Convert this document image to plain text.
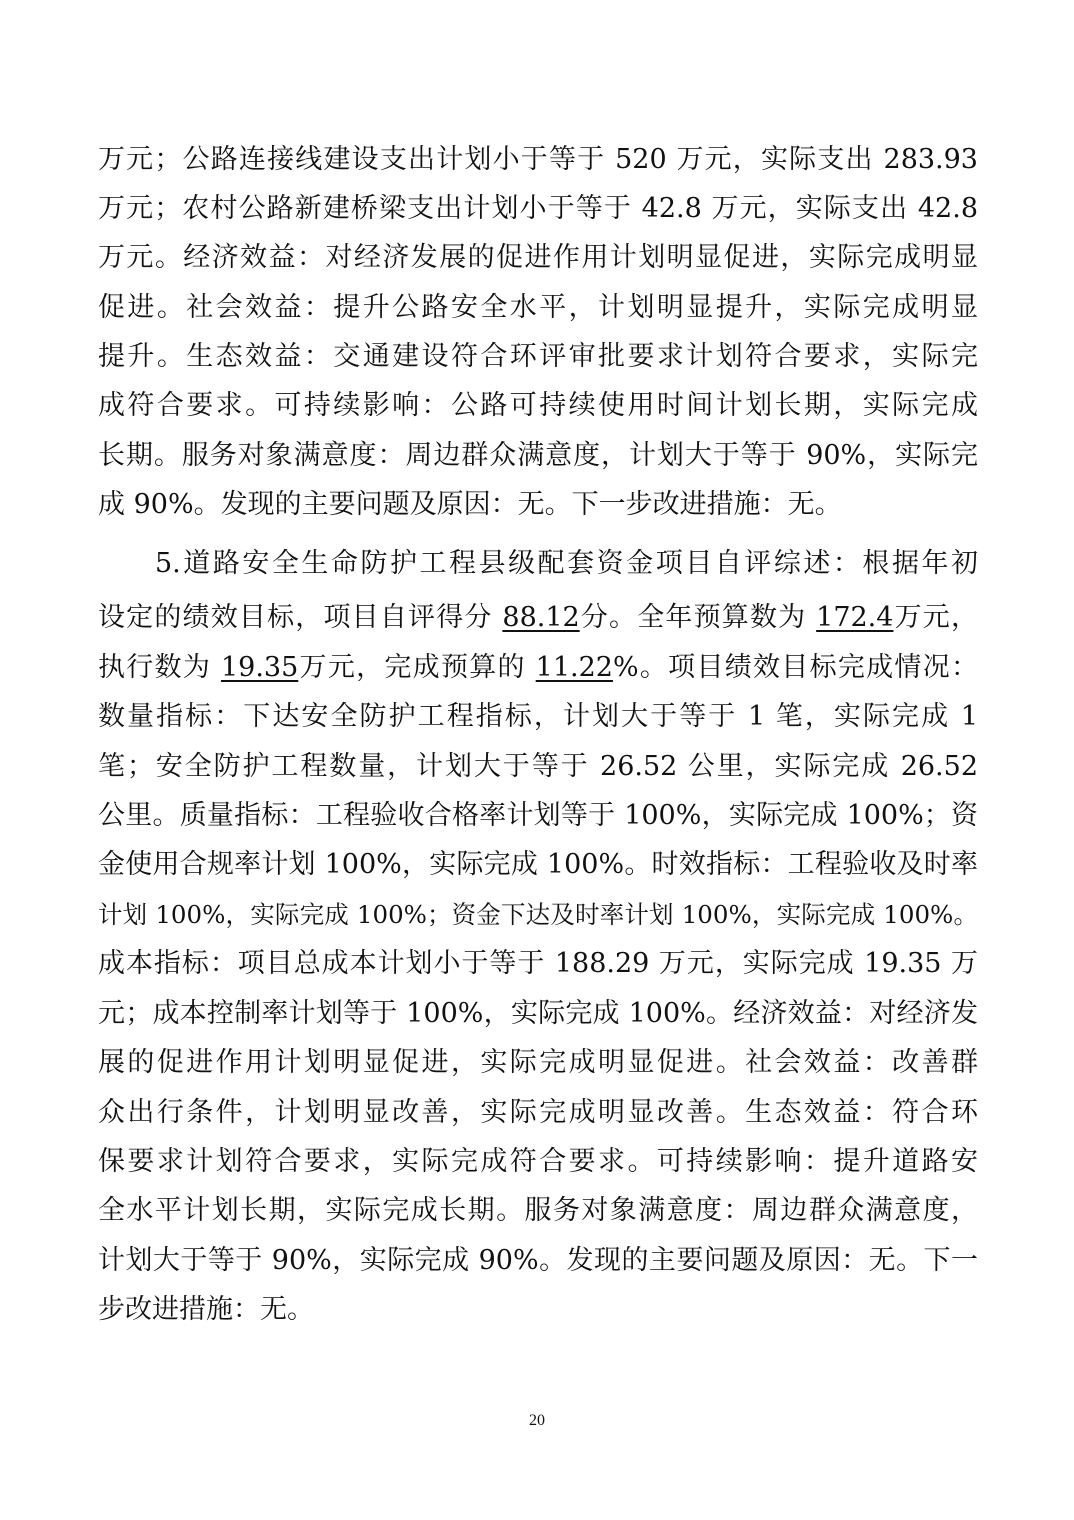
万元；公路连接线建设支出计划小于等于 520 万元，实际支出 283.93
万元；农村公路新建桥梁支出计划小于等于 42.8 万元，实际支出 42.8
万元。经济效益：对经济发展的促进作用计划明显促进，实际完成明显
促进。社会效益：提升公路安全水平，计划明显提升，实际完成明显
提升。生态效益：交通建设符合环评审批要求计划符合要求，实际完
成符合要求。可持续影响：公路可持续使用时间计划长期，实际完成
长期。服务对象满意度：周边群众满意度，计划大于等于 90%，实际完
成 90%。发现的主要问题及原因：无。下一步改进措施：无。
5.道路安全生命防护工程县级配套资金项目自评综述：根据年初
设定的绩效目标，项目自评得分 88.12分。全年预算数为 172.4万元，
执行数为 19.35万元，完成预算的 11.22%。项目绩效目标完成情况：
数量指标：下达安全防护工程指标，计划大于等于 1 笔，实际完成 1
笔；安全防护工程数量，计划大于等于 26.52 公里，实际完成 26.52
公里。质量指标：工程验收合格率计划等于 100%，实际完成 100%；资
金使用合规率计划 100%，实际完成 100%。时效指标：工程验收及时率
计划 100%，实际完成 100%；资金下达及时率计划 100%，实际完成 100%。
成本指标：项目总成本计划小于等于 188.29 万元，实际完成 19.35 万
元；成本控制率计划等于 100%，实际完成 100%。经济效益：对经济发
展的促进作用计划明显促进，实际完成明显促进。社会效益：改善群
众出行条件，计划明显改善，实际完成明显改善。生态效益：符合环
保要求计划符合要求，实际完成符合要求。可持续影响：提升道路安
全水平计划长期，实际完成长期。服务对象满意度：周边群众满意度，
计划大于等于 90%，实际完成 90%。发现的主要问题及原因：无。下一
步改进措施：无。
20
